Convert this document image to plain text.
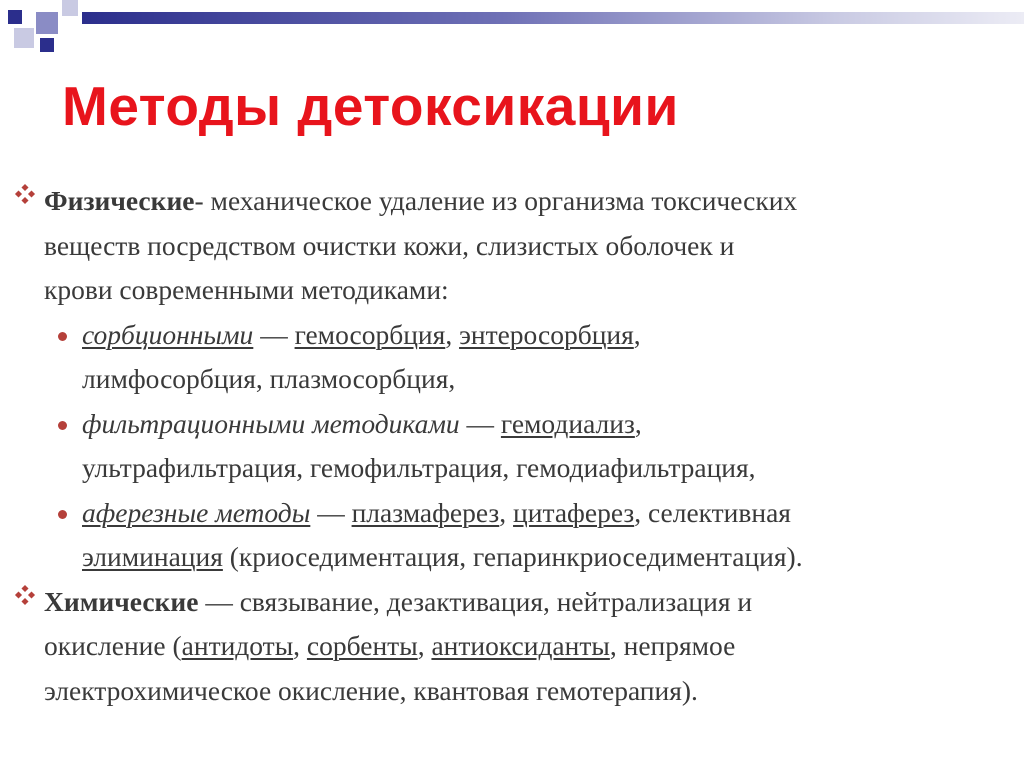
Методы детоксикации
Физические- механическое удаление из организма токсических
веществ посредством очистки кожи, слизистых оболочек и
крови современными методиками:
сорбционными — гемосорбция, энтеросорбция,
лимфосорбция, плазмосорбция,
фильтрационными методиками — гемодиализ,
ультрафильтрация, гемофильтрация, гемодиафильтрация,
аферезные методы — плазмаферез, цитаферез, селективная
элиминация (криоседиментация, гепаринкриоседиментация).
Химические — связывание, дезактивация, нейтрализация и
окисление (антидоты, сорбенты, антиоксиданты, непрямое
электрохимическое окисление, квантовая гемотерапия).
